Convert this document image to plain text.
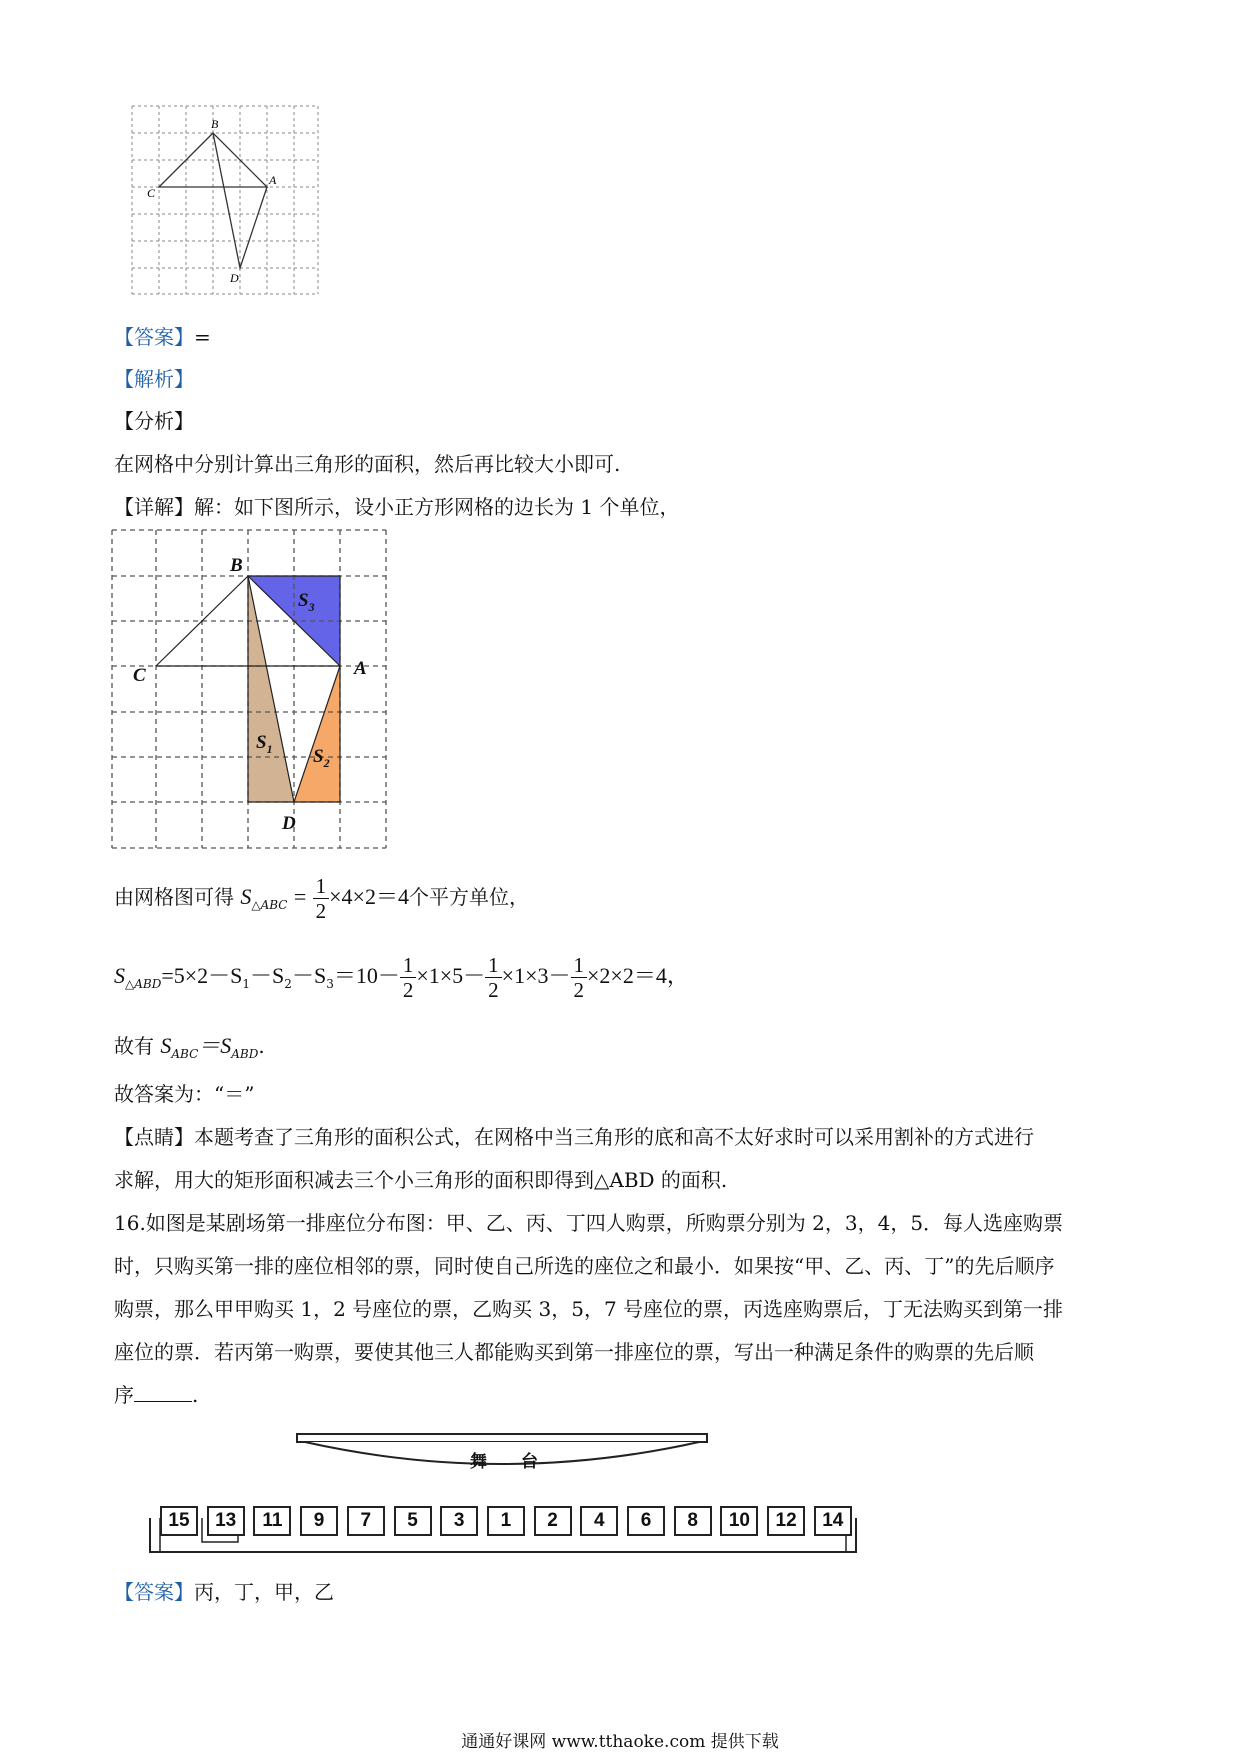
B
C
A
D
【答案】=
【解析】
【分析】
在网格中分别计算出三角形的面积，然后再比较大小即可.
【详解】解：如下图所示，设小正方形网格的边长为 1 个单位，
B
C	A
D
$S_3$
$S_1$ $S_2$
由网格图可得 $S_{\triangle ABC} = \frac{1}{2} \times 4\times 2=4$个平方单位，
$S_{\triangle ABD}=5\times 2-S_1-S_2-S_3=10- \frac{1}{2} \times 1\times 5- \frac{1}{2} \times 1\times 3- \frac{1}{2} \times 2\times 2=4$，
故有 $S_{ABC}=S_{ABD}$.
故答案为：“＝”
【点睛】本题考查了三角形的面积公式，在网格中当三角形的底和高不太好求时可以采用割补的方式进行
求解，用大的矩形面积减去三个小三角形的面积即得到△ABD 的面积.
16.如图是某剧场第一排座位分布图：甲、乙、丙、丁四人购票，所购票分别为 2，3，4，5．每人选座购票
时，只购买第一排的座位相邻的票，同时使自己所选的座位之和最小．如果按“甲、乙、丙、丁”的先后顺序
购票，那么甲甲购买 1，2 号座位的票，乙购买 3，5，7 号座位的票，丙选座购票后，丁无法购买到第一排
座位的票．若丙第一购票，要使其他三人都能购买到第一排座位的票，写出一种满足条件的购票的先后顺
序	.
舞　　台
15	13	11	9	7	5	3	1	2	4	6	8	10	12	14
【答案】丙，丁，甲，乙
通通好课网 www.tthaoke.com 提供下载
